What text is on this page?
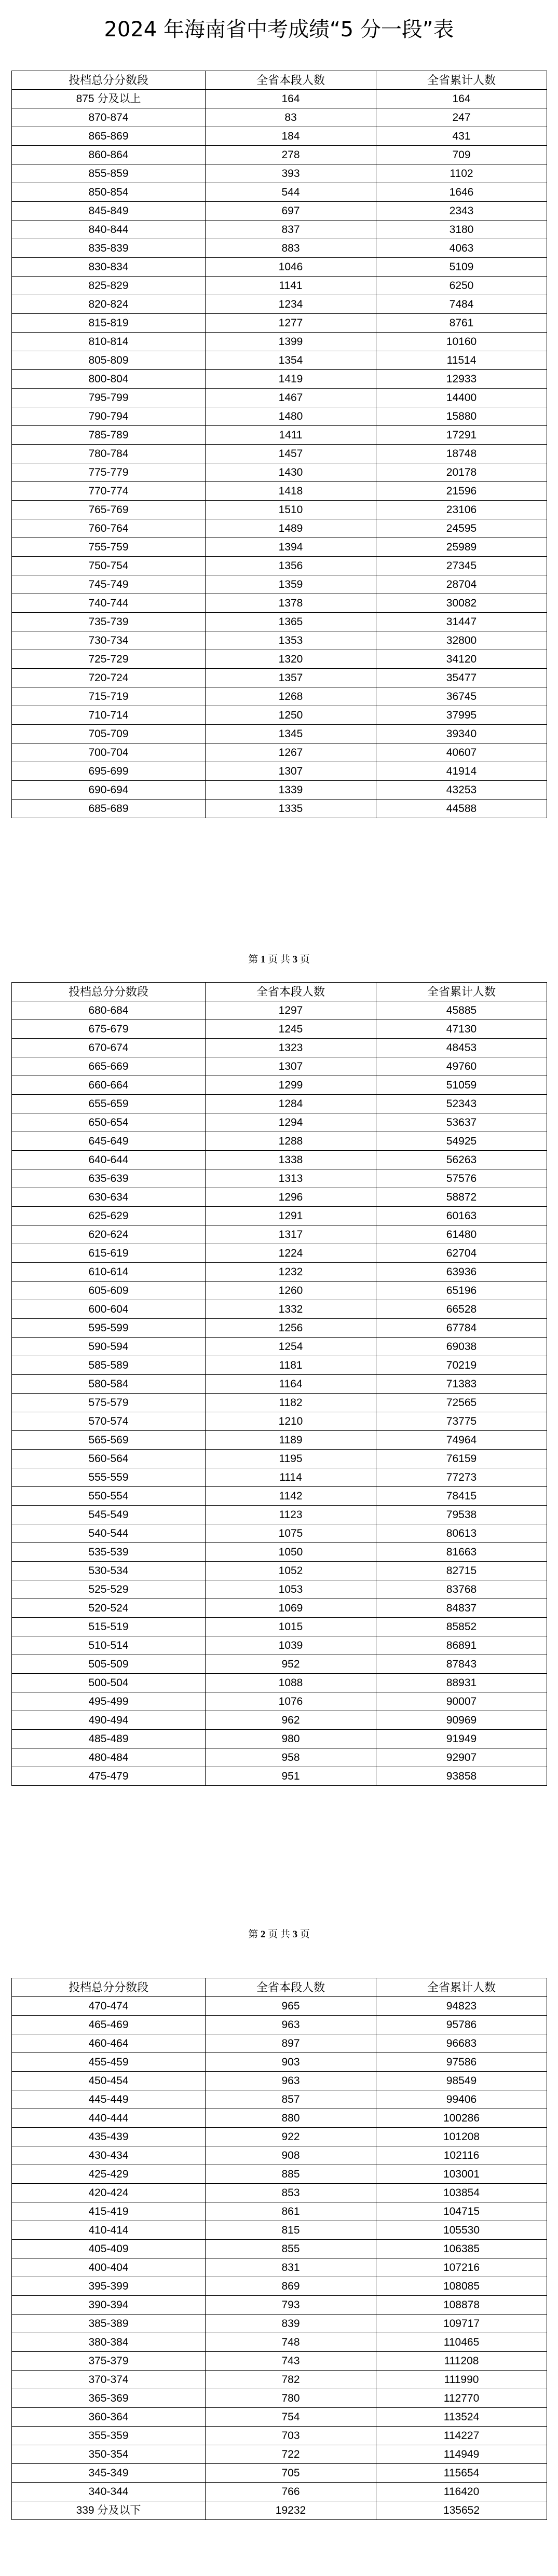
2024 年海南省中考成绩“5 分一段”表
投档总分分数段	全省本段人数	全省累计人数
875 分及以上	164	164
870-874	83	247
865-869	184	431
860-864	278	709
855-859	393	1102
850-854	544	1646
845-849	697	2343
840-844	837	3180
835-839	883	4063
830-834	1046	5109
825-829	1141	6250
820-824	1234	7484
815-819	1277	8761
810-814	1399	10160
805-809	1354	11514
800-804	1419	12933
795-799	1467	14400
790-794	1480	15880
785-789	1411	17291
780-784	1457	18748
775-779	1430	20178
770-774	1418	21596
765-769	1510	23106
760-764	1489	24595
755-759	1394	25989
750-754	1356	27345
745-749	1359	28704
740-744	1378	30082
735-739	1365	31447
730-734	1353	32800
725-729	1320	34120
720-724	1357	35477
715-719	1268	36745
710-714	1250	37995
705-709	1345	39340
700-704	1267	40607
695-699	1307	41914
690-694	1339	43253
685-689	1335	44588
第 1 页 共 3 页
投档总分分数段	全省本段人数	全省累计人数
680-684	1297	45885
675-679	1245	47130
670-674	1323	48453
665-669	1307	49760
660-664	1299	51059
655-659	1284	52343
650-654	1294	53637
645-649	1288	54925
640-644	1338	56263
635-639	1313	57576
630-634	1296	58872
625-629	1291	60163
620-624	1317	61480
615-619	1224	62704
610-614	1232	63936
605-609	1260	65196
600-604	1332	66528
595-599	1256	67784
590-594	1254	69038
585-589	1181	70219
580-584	1164	71383
575-579	1182	72565
570-574	1210	73775
565-569	1189	74964
560-564	1195	76159
555-559	1114	77273
550-554	1142	78415
545-549	1123	79538
540-544	1075	80613
535-539	1050	81663
530-534	1052	82715
525-529	1053	83768
520-524	1069	84837
515-519	1015	85852
510-514	1039	86891
505-509	952	87843
500-504	1088	88931
495-499	1076	90007
490-494	962	90969
485-489	980	91949
480-484	958	92907
475-479	951	93858
第 2 页 共 3 页
投档总分分数段	全省本段人数	全省累计人数
470-474	965	94823
465-469	963	95786
460-464	897	96683
455-459	903	97586
450-454	963	98549
445-449	857	99406
440-444	880	100286
435-439	922	101208
430-434	908	102116
425-429	885	103001
420-424	853	103854
415-419	861	104715
410-414	815	105530
405-409	855	106385
400-404	831	107216
395-399	869	108085
390-394	793	108878
385-389	839	109717
380-384	748	110465
375-379	743	111208
370-374	782	111990
365-369	780	112770
360-364	754	113524
355-359	703	114227
350-354	722	114949
345-349	705	115654
340-344	766	116420
339 分及以下	19232	135652
